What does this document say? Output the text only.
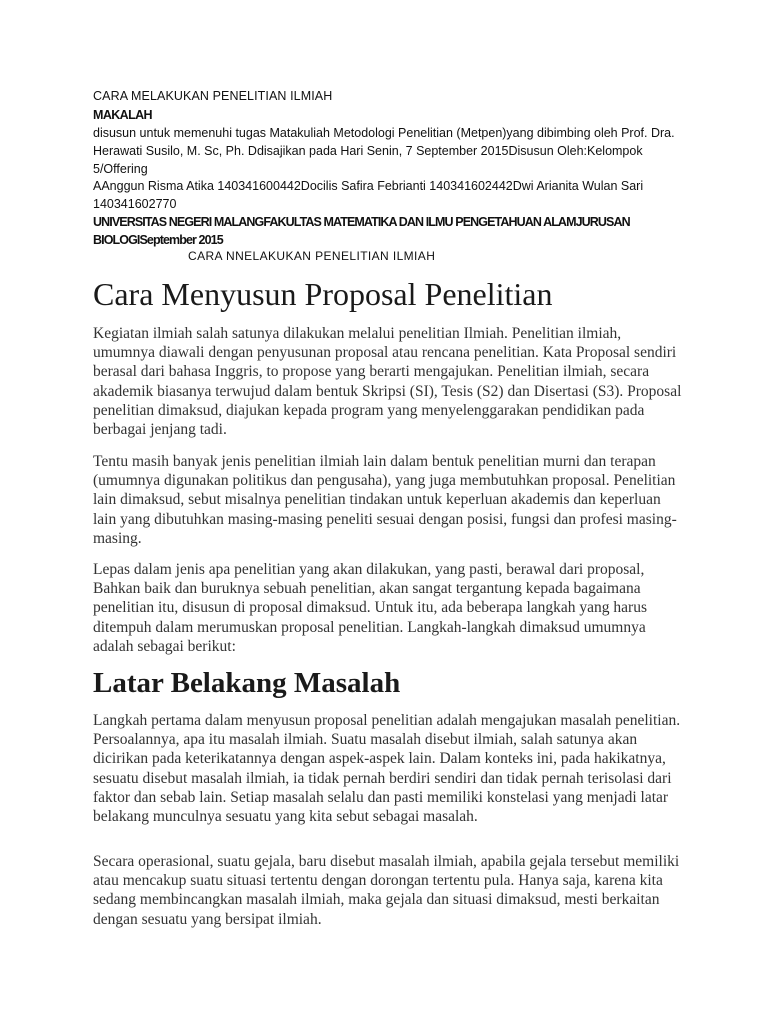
CARA MELAKUKAN PENELITIAN ILMIAH
MAKALAH
disusun untuk memenuhi tugas Matakuliah Metodologi Penelitian (Metpen)yang dibimbing oleh Prof. Dra. Herawati Susilo, M. Sc, Ph. Ddisajikan pada Hari Senin, 7 September 2015Disusun Oleh:Kelompok 5/Offering
AAnggun Risma Atika 140341600442Docilis Safira Febrianti 140341602442Dwi Arianita Wulan Sari 140341602770
UNIVERSITAS NEGERI MALANGFAKULTAS MATEMATIKA DAN ILMU PENGETAHUAN ALAMJURUSAN BIOLOGISeptember 2015
CARA NNELAKUKAN PENELITIAN ILMIAH
Cara Menyusun Proposal Penelitian

Kegiatan ilmiah salah satunya dilakukan melalui penelitian Ilmiah. Penelitian ilmiah, umumnya diawali dengan penyusunan proposal atau rencana penelitian. Kata Proposal sendiri berasal dari bahasa Inggris, to propose yang berarti mengajukan. Penelitian ilmiah, secara akademik biasanya terwujud dalam bentuk Skripsi (SI), Tesis (S2) dan Disertasi (S3). Proposal penelitian dimaksud, diajukan kepada program yang menyelenggarakan pendidikan pada berbagai jenjang tadi.

Tentu masih banyak jenis penelitian ilmiah lain dalam bentuk penelitian murni dan terapan (umumnya digunakan politikus dan pengusaha), yang juga membutuhkan proposal. Penelitian lain dimaksud, sebut misalnya penelitian tindakan untuk keperluan akademis dan keperluan lain yang dibutuhkan masing-masing peneliti sesuai dengan posisi, fungsi dan profesi masing-masing.

Lepas dalam jenis apa penelitian yang akan dilakukan, yang pasti, berawal dari proposal, Bahkan baik dan buruknya sebuah penelitian, akan sangat tergantung kepada bagaimana penelitian itu, disusun di proposal dimaksud. Untuk itu, ada beberapa langkah yang harus ditempuh dalam merumuskan proposal penelitian. Langkah-langkah dimaksud umumnya adalah sebagai berikut:

Latar Belakang Masalah

Langkah pertama dalam menyusun proposal penelitian adalah mengajukan masalah penelitian. Persoalannya, apa itu masalah ilmiah. Suatu masalah disebut ilmiah, salah satunya akan dicirikan pada keterikatannya dengan aspek-aspek lain. Dalam konteks ini, pada hakikatnya, sesuatu disebut masalah ilmiah, ia tidak pernah berdiri sendiri dan tidak pernah terisolasi dari faktor dan sebab lain. Setiap masalah selalu dan pasti memiliki konstelasi yang menjadi latar belakang munculnya sesuatu yang kita sebut sebagai masalah.

Secara operasional, suatu gejala, baru disebut masalah ilmiah, apabila gejala tersebut memiliki atau mencakup suatu situasi tertentu dengan dorongan tertentu pula. Hanya saja, karena kita sedang membincangkan masalah ilmiah, maka gejala dan situasi dimaksud, mesti berkaitan dengan sesuatu yang bersipat ilmiah.
